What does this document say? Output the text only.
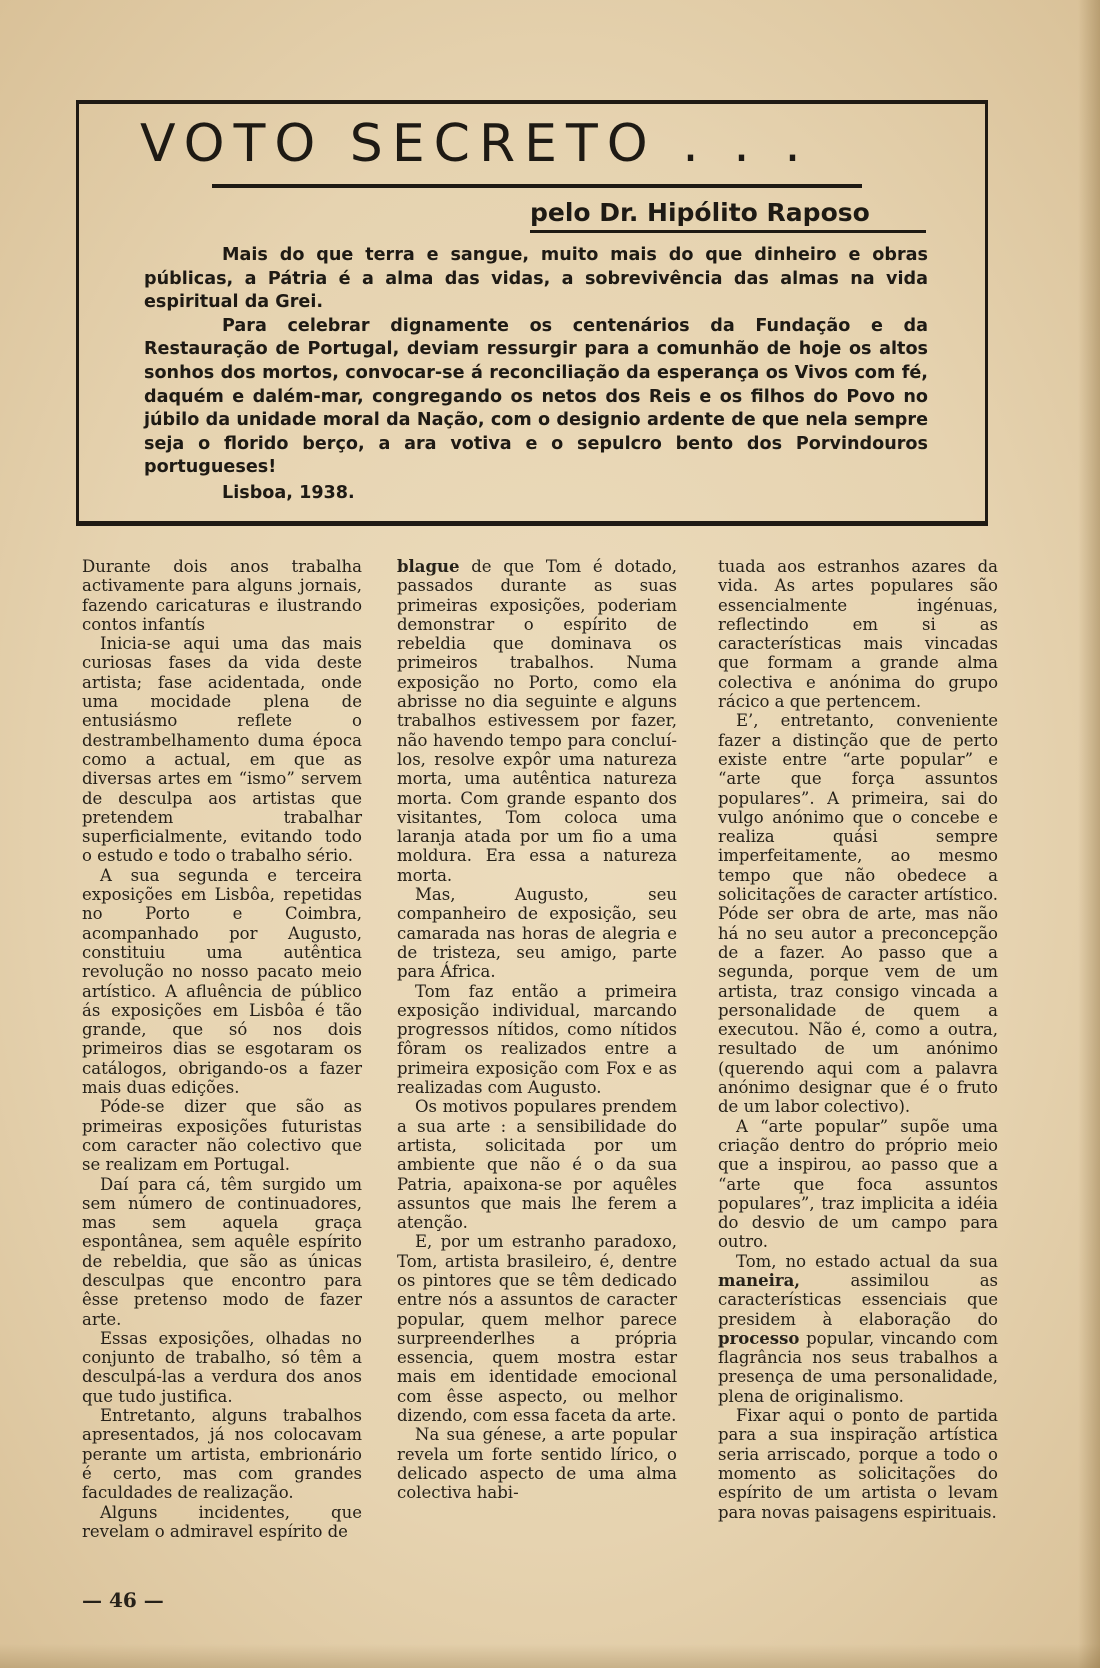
VOTO SECRETO . . .
pelo Dr. Hipólito Raposo

Mais do que terra e sangue, muito mais do que dinheiro e obras públicas, a Pátria é a alma das vidas, a sobrevivência das almas na vida espiritual da Grei.

Para celebrar dignamente os centenários da Fundação e da Restauração de Portugal, deviam ressurgir para a comunhão de hoje os altos sonhos dos mortos, convocar-se á reconciliação da esperança os Vivos com fé, daquém e dalém-mar, congregando os netos dos Reis e os filhos do Povo no júbilo da unidade moral da Nação, com o designio ardente de que nela sempre seja o florido berço, a ara votiva e o sepulcro bento dos Porvindouros portugueses!

Lisboa, 1938.

Durante dois anos trabalha activamente para alguns jornais, fazendo caricaturas e ilustrando contos infantís

Inicia-se aqui uma das mais curiosas fases da vida deste artista; fase acidentada, onde uma mocidade plena de entusiásmo reflete o destrambelhamento duma época como a actual, em que as diversas artes em “ismo” servem de desculpa aos artistas que pretendem trabalhar superficialmente, evitando todo o estudo e todo o trabalho sério.

A sua segunda e terceira exposições em Lisbôa, repetidas no Porto e Coimbra, acompanhado por Augusto, constituiu uma autêntica revolução no nosso pacato meio artístico. A afluência de público ás exposições em Lisbôa é tão grande, que só nos dois primeiros dias se esgotaram os catálogos, obrigando-os a fazer mais duas edições.

Póde-se dizer que são as primeiras exposições futuristas com caracter não colectivo que se realizam em Portugal.

Daí para cá, têm surgido um sem número de continuadores, mas sem aquela graça espontânea, sem aquêle espírito de rebeldia, que são as únicas desculpas que encontro para êsse pretenso modo de fazer arte.

Essas exposições, olhadas no conjunto de trabalho, só têm a desculpá-las a verdura dos anos que tudo justifica.

Entretanto, alguns trabalhos apresentados, já nos colocavam perante um artista, embrionário é certo, mas com grandes faculdades de realização.

Alguns incidentes, que revelam o admiravel espírito de

blague de que Tom é dotado, passados durante as suas primeiras exposições, poderiam demonstrar o espírito de rebeldia que dominava os primeiros trabalhos. Numa exposição no Porto, como ela abrisse no dia seguinte e alguns trabalhos estivessem por fazer, não havendo tempo para concluí-los, resolve expôr uma natureza morta, uma autêntica natureza morta. Com grande espanto dos visitantes, Tom coloca uma laranja atada por um fio a uma moldura. Era essa a natureza morta.

Mas, Augusto, seu companheiro de exposição, seu camarada nas horas de alegria e de tristeza, seu amigo, parte para África.

Tom faz então a primeira exposição individual, marcando progressos nítidos, como nítidos fôram os realizados entre a primeira exposição com Fox e as realizadas com Augusto.

Os motivos populares prendem a sua arte : a sensibilidade do artista, solicitada por um ambiente que não é o da sua Patria, apaixona-se por aquêles assuntos que mais lhe ferem a atenção.

E, por um estranho paradoxo, Tom, artista brasileiro, é, dentre os pintores que se têm dedicado entre nós a assuntos de caracter popular, quem melhor parece surpreenderlhes a própria essencia, quem mostra estar mais em identidade emocional com êsse aspecto, ou melhor dizendo, com essa faceta da arte.

Na sua génese, a arte popular revela um forte sentido lírico, o delicado aspecto de uma alma colectiva habi-

tuada aos estranhos azares da vida. As artes populares são essencialmente ingénuas, reflectindo em si as características mais vincadas que formam a grande alma colectiva e anónima do grupo rácico a que pertencem.

E’, entretanto, conveniente fazer a distinção que de perto existe entre “arte popular” e “arte que força assuntos populares”. A primeira, sai do vulgo anónimo que o concebe e realiza quási sempre imperfeitamente, ao mesmo tempo que não obedece a solicitações de caracter artístico. Póde ser obra de arte, mas não há no seu autor a preconcepção de a fazer. Ao passo que a segunda, porque vem de um artista, traz consigo vincada a personalidade de quem a executou. Não é, como a outra, resultado de um anónimo (querendo aqui com a palavra anónimo designar que é o fruto de um labor colectivo).

A “arte popular” supõe uma criação dentro do próprio meio que a inspirou, ao passo que a “arte que foca assuntos populares”, traz implicita a idéia do desvio de um campo para outro.

Tom, no estado actual da sua maneira, assimilou as características essenciais que presidem à elaboração do processo popular, vincando com flagrância nos seus trabalhos a presença de uma personalidade, plena de originalismo.

Fixar aqui o ponto de partida para a sua inspiração artística seria arriscado, porque a todo o momento as solicitações do espírito de um artista o levam para novas paisagens espirituais.

— 46 —
